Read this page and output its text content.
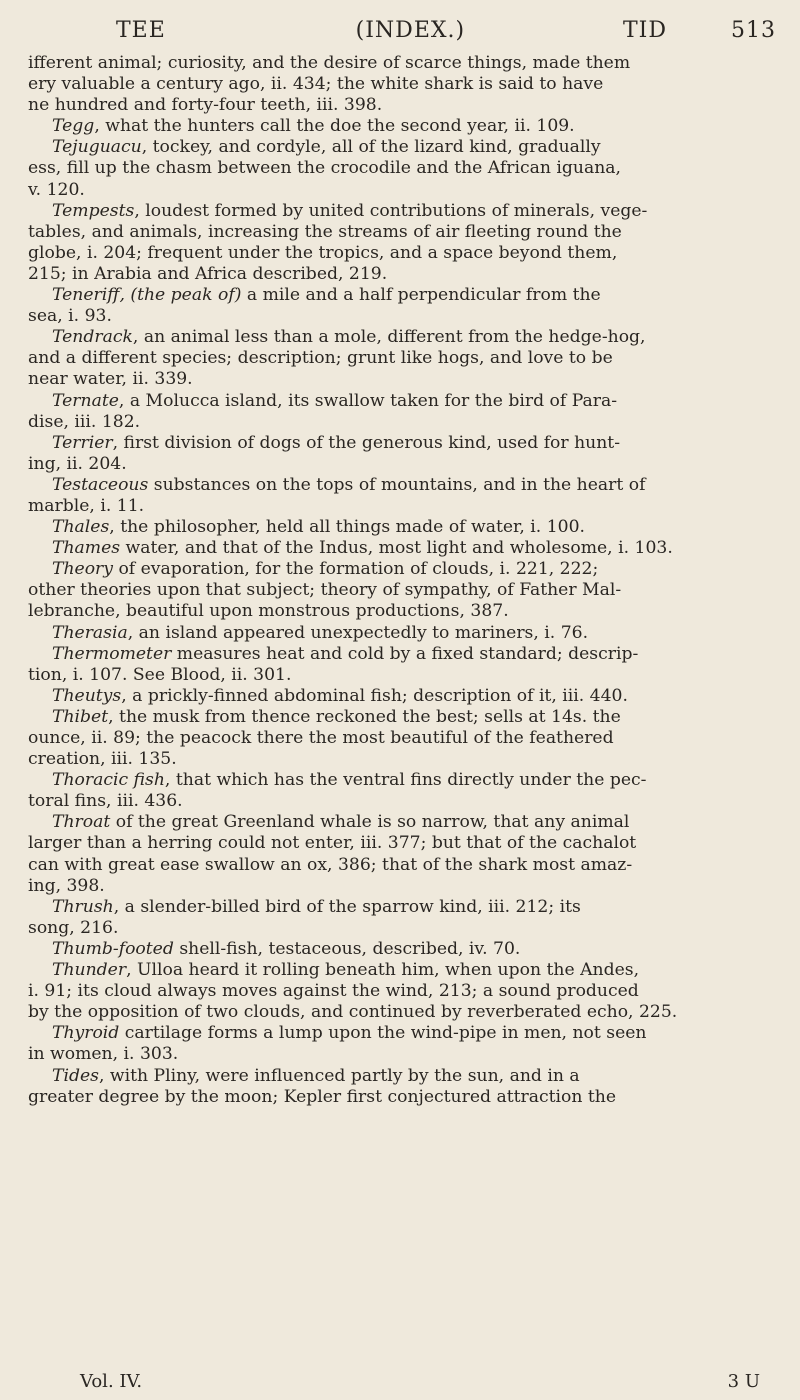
TEE	(INDEX.)	TID	513

ifferent animal; curiosity, and the desire of scarce things, made them

ery valuable a century ago, ii. 434; the white shark is said to have

ne hundred and forty-four teeth, iii. 398.

Tegg, what the hunters call the doe the second year, ii. 109.

Tejuguacu, tockey, and cordyle, all of the lizard kind, gradually

ess, fill up the chasm between the crocodile and the African iguana,

v. 120.

Tempests, loudest formed by united contributions of minerals, vege-

tables, and animals, increasing the streams of air fleeting round the

globe, i. 204; frequent under the tropics, and a space beyond them,

215; in Arabia and Africa described, 219.

Teneriff, (the peak of) a mile and a half perpendicular from the

sea, i. 93.

Tendrack, an animal less than a mole, different from the hedge-hog,

and a different species; description; grunt like hogs, and love to be

near water, ii. 339.

Ternate, a Molucca island, its swallow taken for the bird of Para-

dise, iii. 182.

Terrier, first division of dogs of the generous kind, used for hunt-

ing, ii. 204.

Testaceous substances on the tops of mountains, and in the heart of

marble, i. 11.

Thales, the philosopher, held all things made of water, i. 100.

Thames water, and that of the Indus, most light and wholesome, i. 103.

Theory of evaporation, for the formation of clouds, i. 221, 222;

other theories upon that subject; theory of sympathy, of Father Mal-

lebranche, beautiful upon monstrous productions, 387.

Therasia, an island appeared unexpectedly to mariners, i. 76.

Thermometer measures heat and cold by a fixed standard; descrip-

tion, i. 107. See Blood, ii. 301.

Theutys, a prickly-finned abdominal fish; description of it, iii. 440.

Thibet, the musk from thence reckoned the best; sells at 14s. the

ounce, ii. 89; the peacock there the most beautiful of the feathered

creation, iii. 135.

Thoracic fish, that which has the ventral fins directly under the pec-

toral fins, iii. 436.

Throat of the great Greenland whale is so narrow, that any animal

larger than a herring could not enter, iii. 377; but that of the cachalot

can with great ease swallow an ox, 386; that of the shark most amaz-

ing, 398.

Thrush, a slender-billed bird of the sparrow kind, iii. 212; its

song, 216.

Thumb-footed shell-fish, testaceous, described, iv. 70.

Thunder, Ulloa heard it rolling beneath him, when upon the Andes,

i. 91; its cloud always moves against the wind, 213; a sound produced

by the opposition of two clouds, and continued by reverberated echo, 225.

Thyroid cartilage forms a lump upon the wind-pipe in men, not seen

in women, i. 303.

Tides, with Pliny, were influenced partly by the sun, and in a

greater degree by the moon; Kepler first conjectured attraction the

Vol. IV.	3 U
